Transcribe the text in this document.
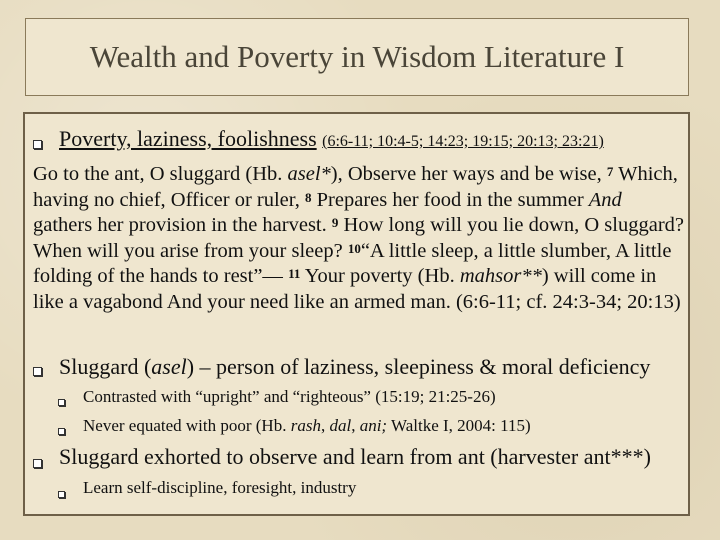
Wealth and Poverty in Wisdom Literature I
Poverty, laziness, foolishness (6:6-11; 10:4-5; 14:23; 19:15; 20:13; 23:21)
Go to the ant, O sluggard (Hb. asel*), Observe her ways and be wise, $^7$ Which, having no chief, Officer or ruler, $^8$ Prepares her food in the summer And gathers her provision in the harvest. $^9$ How long will you lie down, O sluggard? When will you arise from your sleep? $^{10}$“A little sleep, a little slumber, A little folding of the hands to rest”— $^{11}$ Your poverty (Hb. mahsor**) will come in like a vagabond And your need like an armed man. (6:6-11; cf. 24:3-34; 20:13)
Sluggard (asel) – person of laziness, sleepiness & moral deficiency
Contrasted with “upright” and “righteous” (15:19; 21:25-26)
Never equated with poor (Hb. rash, dal, ani; Waltke I, 2004: 115)
Sluggard exhorted to observe and learn from ant (harvester ant***)
Learn self-discipline, foresight, industry
